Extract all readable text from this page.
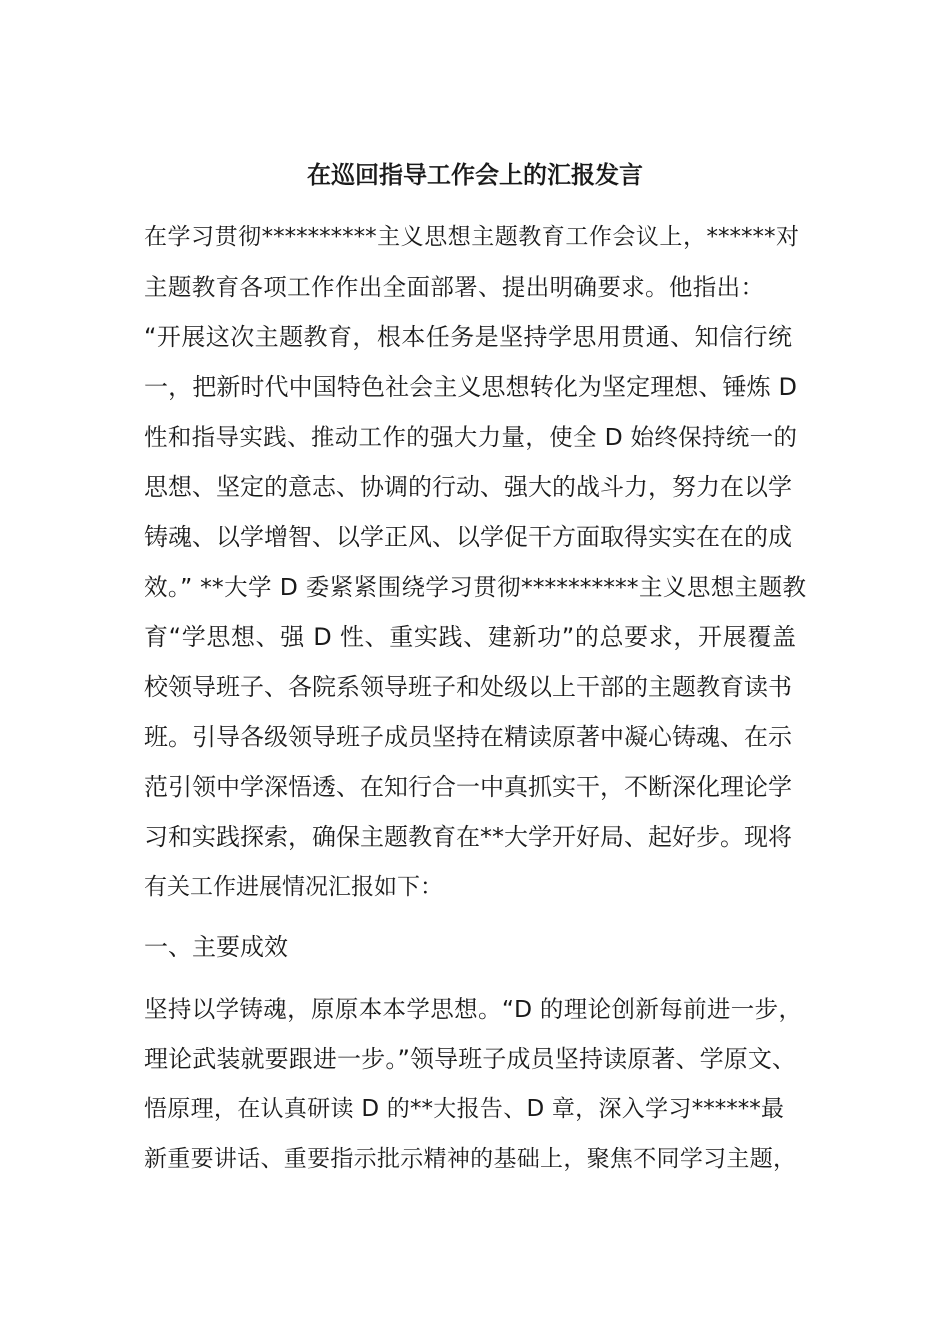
在巡回指导工作会上的汇报发言
在学习贯彻**********主义思想主题教育工作会议上，******对
主题教育各项工作作出全面部署、提出明确要求。他指出：
“开展这次主题教育，根本任务是坚持学思用贯通、知信行统
一，把新时代中国特色社会主义思想转化为坚定理想、锤炼 D
性和指导实践、推动工作的强大力量，使全 D 始终保持统一的
思想、坚定的意志、协调的行动、强大的战斗力，努力在以学
铸魂、以学增智、以学正风、以学促干方面取得实实在在的成
效。” **大学 D 委紧紧围绕学习贯彻**********主义思想主题教
育“学思想、强 D 性、重实践、建新功”的总要求，开展覆盖
校领导班子、各院系领导班子和处级以上干部的主题教育读书
班。引导各级领导班子成员坚持在精读原著中凝心铸魂、在示
范引领中学深悟透、在知行合一中真抓实干，不断深化理论学
习和实践探索，确保主题教育在**大学开好局、起好步。现将
有关工作进展情况汇报如下：
一、主要成效
坚持以学铸魂，原原本本学思想。“D 的理论创新每前进一步，
理论武装就要跟进一步。”领导班子成员坚持读原著、学原文、
悟原理，在认真研读 D 的**大报告、D 章，深入学习******最
新重要讲话、重要指示批示精神的基础上，聚焦不同学习主题，
